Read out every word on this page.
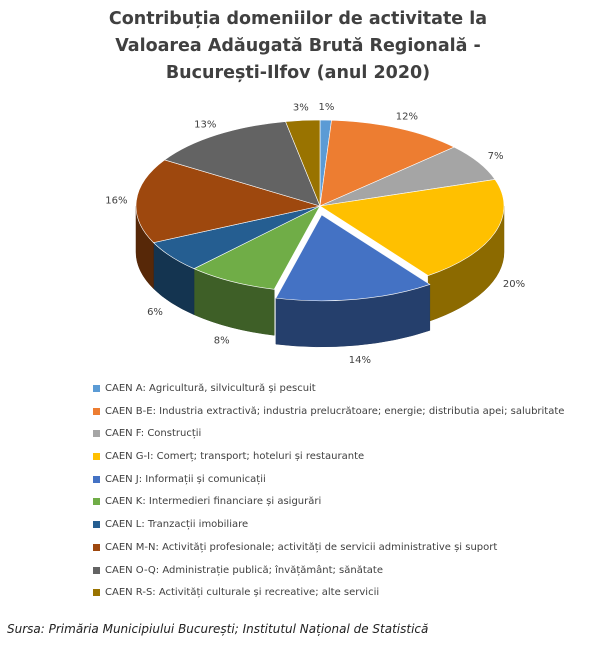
Contribuția domeniilor de activitate la
Valoarea Adăugată Brută Regională -
București-Ilfov (anul 2020)
1%
12%
7%
20%
14%
8%
6%
16%
13%
3%
CAEN A: Agricultură, silvicultură și pescuit
CAEN B-E: Industria extractivă; industria prelucrătoare; energie; distributia apei; salubritate
CAEN F: Construcții
CAEN G-I: Comerț; transport; hoteluri și restaurante
CAEN J: Informații și comunicații
CAEN K: Intermedieri financiare și asigurări
CAEN L: Tranzacții imobiliare
CAEN M-N: Activități profesionale; activități de servicii administrative și suport
CAEN O-Q: Administrație publică; învățământ; sănătate
CAEN R-S: Activități culturale și recreative; alte servicii
Sursa: Primăria Municipiului București; Institutul Național de Statistică
